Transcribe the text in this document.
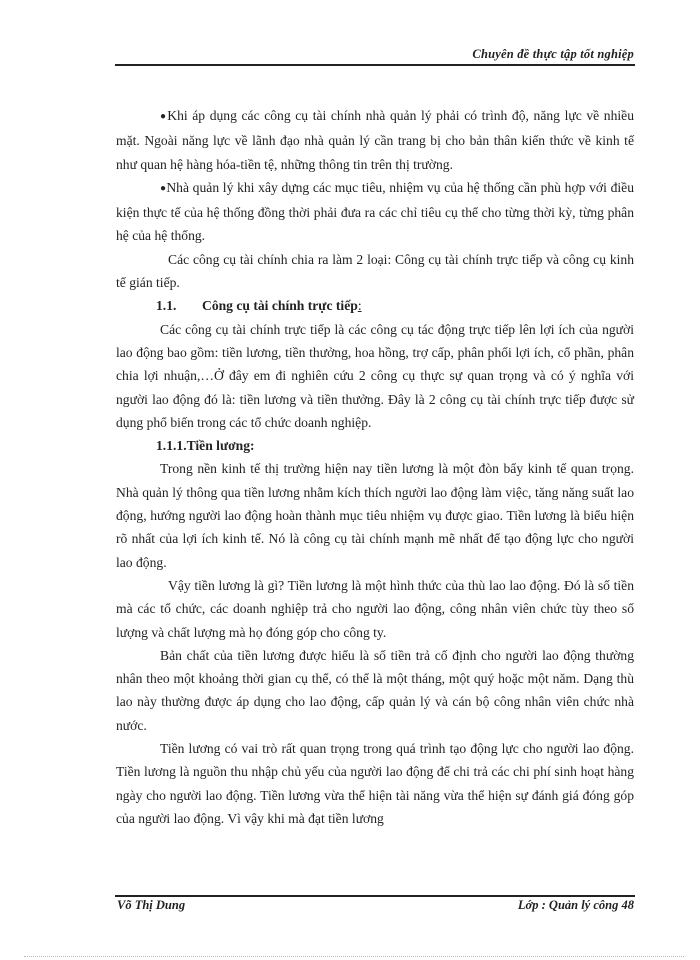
Chuyên đề thực tập tốt nghiệp

●Khi áp dụng các công cụ tài chính nhà quản lý phải có trình độ, năng lực về nhiều mặt. Ngoài năng lực về lãnh đạo nhà quản lý cần trang bị cho bản thân kiến thức về kinh tế như quan hệ hàng hóa-tiền tệ, những thông tin trên thị trường.

●Nhà quản lý khi xây dựng các mục tiêu, nhiệm vụ của hệ thống cần phù hợp với điều kiện thực tế của hệ thống đồng thời phải đưa ra các chỉ tiêu cụ thể cho từng thời kỳ, từng phân hệ của hệ thống.

Các công cụ tài chính chia ra làm 2 loại: Công cụ tài chính trực tiếp và công cụ kinh tế gián tiếp.

1.1. Công cụ tài chính trực tiếp:

Các công cụ tài chính trực tiếp là các công cụ tác động trực tiếp lên lợi ích của người lao động bao gồm: tiền lương, tiền thưởng, hoa hồng, trợ cấp, phân phối lợi ích, cổ phần, phân chia lợi nhuận,…Ở đây em đi nghiên cứu 2 công cụ thực sự quan trọng và có ý nghĩa với người lao động đó là: tiền lương và tiền thưởng. Đây là 2 công cụ tài chính trực tiếp được sử dụng phổ biến trong các tổ chức doanh nghiệp.

1.1.1.Tiền lương:

Trong nền kinh tế thị trường hiện nay tiền lương là một đòn bẩy kinh tế quan trọng. Nhà quản lý thông qua tiền lương nhằm kích thích người lao động làm việc, tăng năng suất lao động, hướng người lao động hoàn thành mục tiêu nhiệm vụ được giao. Tiền lương là biểu hiện rõ nhất của lợi ích kinh tế. Nó là công cụ tài chính mạnh mẽ nhất để tạo động lực cho người lao động.

Vậy tiền lương là gì? Tiền lương là một hình thức của thù lao lao động. Đó là số tiền mà các tổ chức, các doanh nghiệp trả cho người lao động, công nhân viên chức tùy theo số lượng và chất lượng mà họ đóng góp cho công ty.

Bản chất của tiền lương được hiểu là số tiền trả cố định cho người lao động thường nhân theo một khoảng thời gian cụ thể, có thể là một tháng, một quý hoặc một năm. Dạng thù lao này thường được áp dụng cho lao động, cấp quản lý và cán bộ công nhân viên chức nhà nước.

Tiền lương có vai trò rất quan trọng trong quá trình tạo động lực cho người lao động. Tiền lương là nguồn thu nhập chủ yếu của người lao động để chi trả các chi phí sinh hoạt hàng ngày cho người lao động. Tiền lương vừa thể hiện tài năng vừa thể hiện sự đánh giá đóng góp của người lao động. Vì vậy khi mà đạt tiền lương

Võ Thị Dung	Lớp : Quản lý công 48
